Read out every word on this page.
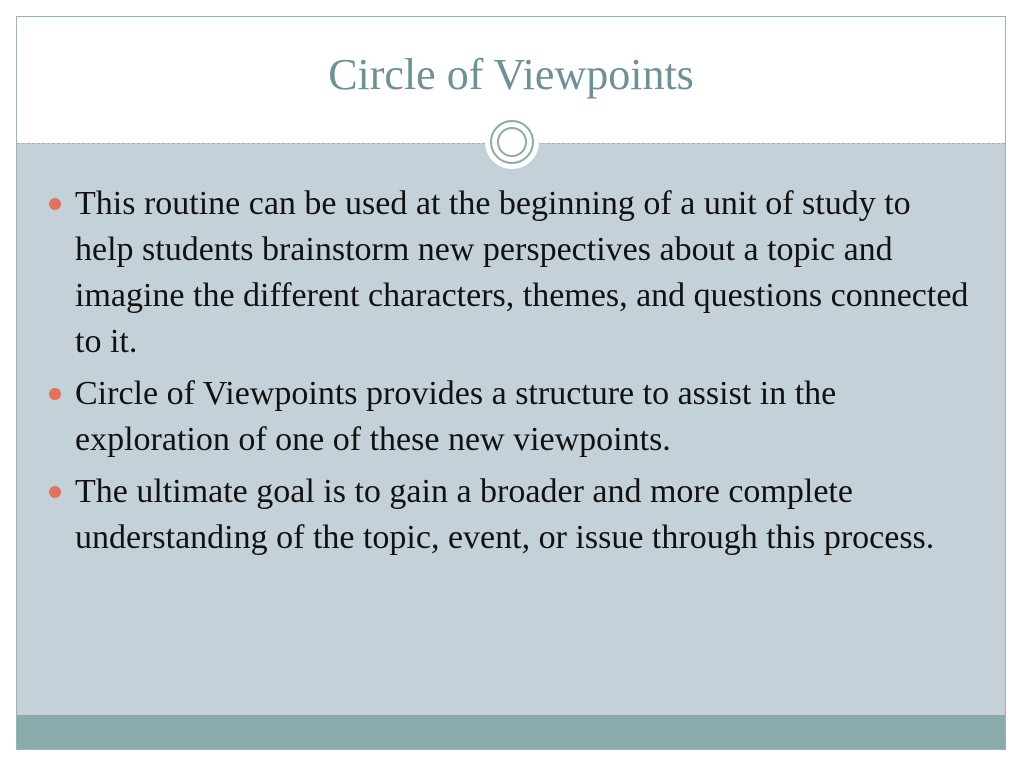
Circle of Viewpoints
This routine can be used at the beginning of a unit of study to help students brainstorm new perspectives about a topic and imagine the different characters, themes, and questions connected to it.
Circle of Viewpoints provides a structure to assist in the exploration of one of these new viewpoints.
The ultimate goal is to gain a broader and more complete understanding of the topic, event, or issue through this process.
